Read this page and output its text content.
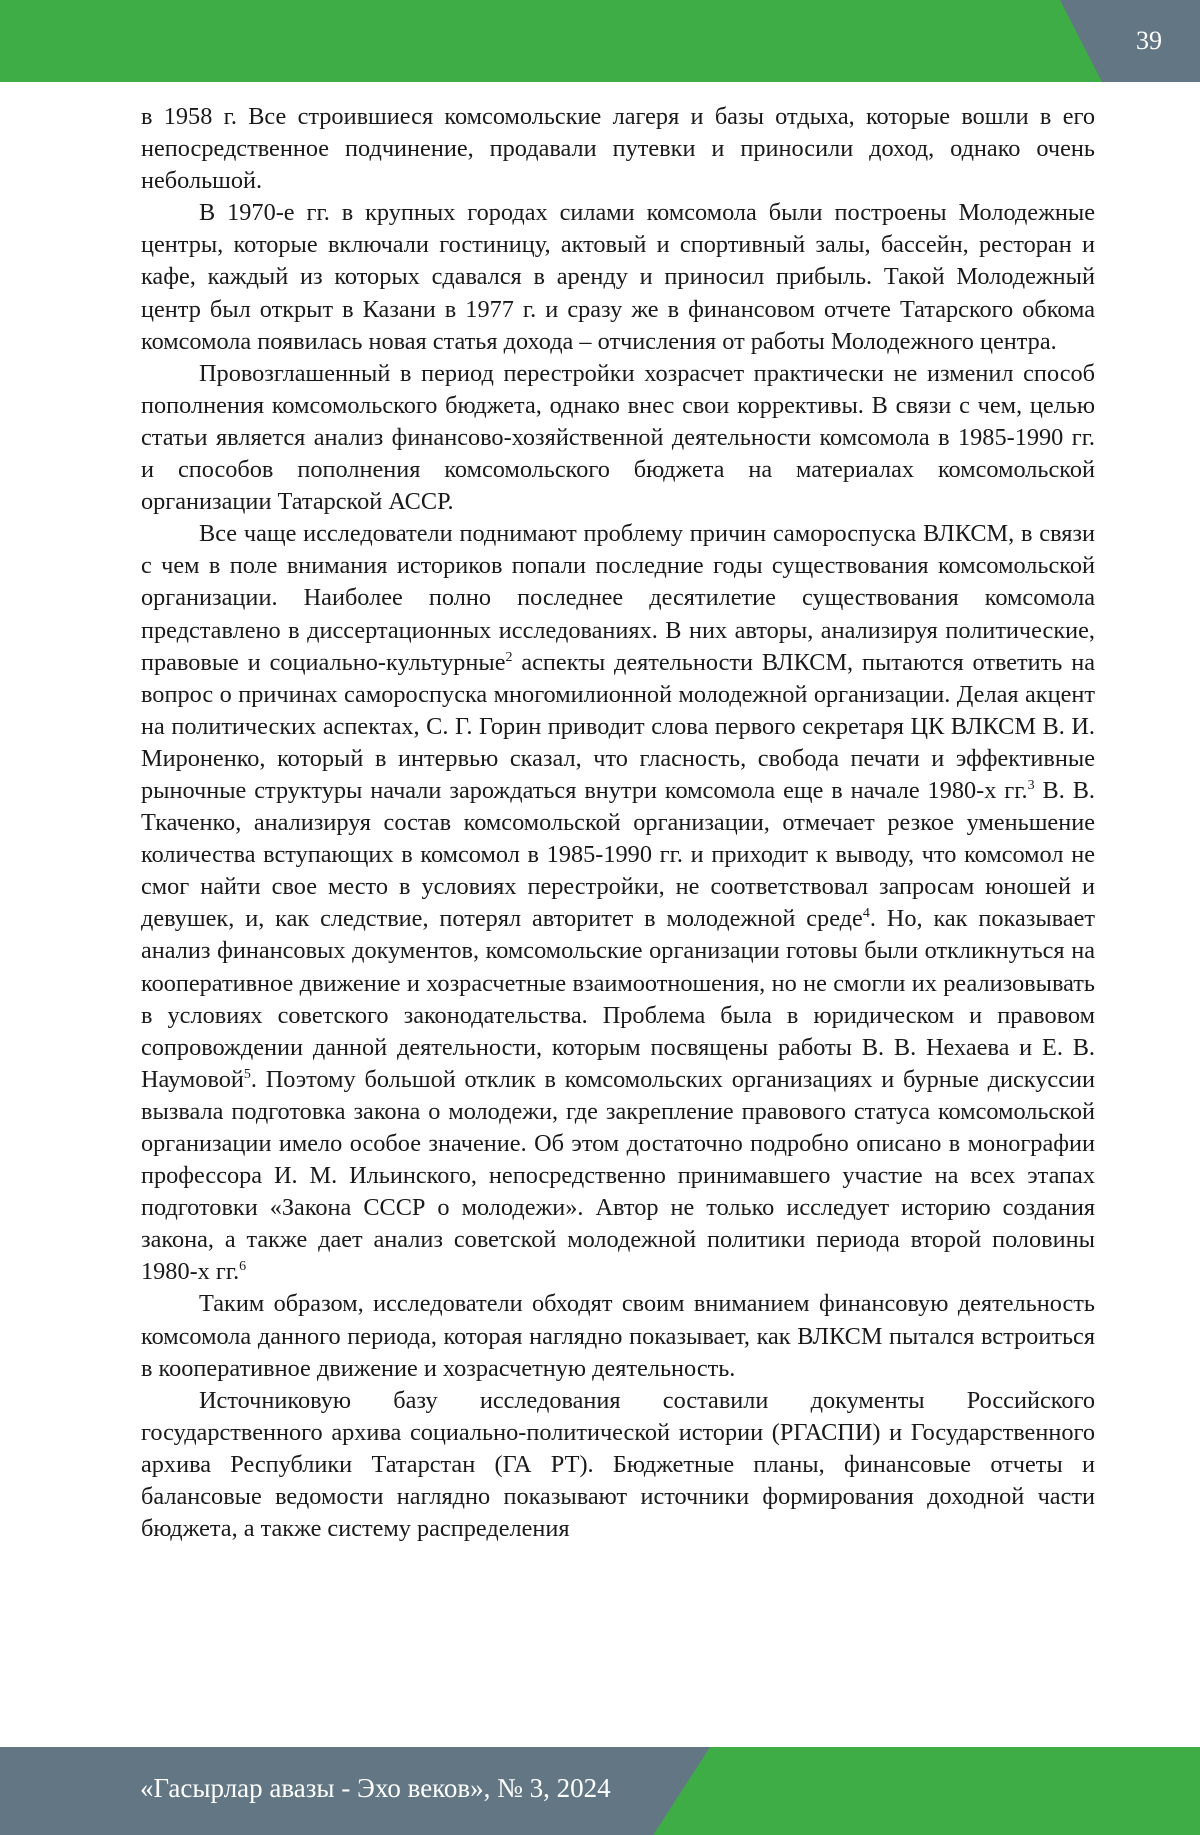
39

в 1958 г. Все строившиеся комсомольские лагеря и базы отдыха, которые вошли в его непосредственное подчинение, продавали путевки и приносили доход, однако очень небольшой.

В 1970-е гг. в крупных городах силами комсомола были построены Молодежные центры, которые включали гостиницу, актовый и спортивный залы, бассейн, ресторан и кафе, каждый из которых сдавался в аренду и прино­сил прибыль. Такой Молодежный центр был открыт в Казани в 1977 г. и сразу же в финансовом отчете Татарского обкома комсомола появилась новая статья дохода – отчисления от работы Молодежного центра.

Провозглашенный в период перестройки хозрасчет практически не изменил способ пополнения комсомольского бюджета, однако внес свои коррективы. В связи с чем, целью статьи является анализ финансово-хозяйственной деятель­ности комсомола в 1985-1990 гг. и способов пополнения комсомольского бюдже­та на материалах комсомольской организации Татарской АССР.

Все чаще исследователи поднимают проблему причин самороспуска ВЛКСМ, в связи с чем в поле внимания историков попали последние годы суще­ствования комсомольской организации. Наиболее полно последнее десятилетие существования комсомола представлено в диссертационных исследованиях. В них авторы, анализируя политические, правовые и социально-культурные2 аспекты деятельности ВЛКСМ, пытаются ответить на вопрос о причинах само­роспуска многомилионной молодежной организации. Делая акцент на поли­тических аспектах, С. Г. Горин приводит слова первого секретаря ЦК ВЛКСМ В. И. Мироненко, который в интервью сказал, что гласность, свобода печати и эффективные рыночные структуры начали зарождаться внутри комсомола еще в начале 1980-х гг.3 В. В. Ткаченко, анализируя состав комсомольской организа­ции, отмечает резкое уменьшение количества вступающих в комсомол в 1985-1990 гг. и приходит к выводу, что комсомол не смог найти свое место в условиях перестройки, не соответствовал запросам юношей и девушек, и, как следствие, потерял авторитет в молодежной среде4. Но, как показывает анализ финан­совых документов, комсомольские организации готовы были откликнуться на кооперативное движение и хозрасчетные взаимоотношения, но не смогли их реализовывать в условиях советского законодательства. Проблема была в юридическом и правовом сопровождении данной деятельности, которым посвящены работы В. В. Нехаева и Е. В. Наумовой5. Поэтому большой отклик в комсомольских организациях и бурные дискуссии вызвала подготовка закона о молодежи, где закрепление правового статуса комсомольской организации имело особое значение. Об этом достаточно подробно описано в монографии профессора И. М. Ильинского, непосредственно принимавшего участие на всех этапах подготовки «Закона СССР о молодежи». Автор не только исследует историю создания закона, а также дает анализ советской молодежной политики периода второй половины 1980-х гг.6

Таким образом, исследователи обходят своим вниманием финансовую деятельность комсомола данного периода, которая наглядно показывает, как ВЛКСМ пытался встроиться в кооперативное движение и хозрасчетную деятельность.

Источниковую базу исследования составили документы Российского государственного архива социально-политической истории (РГАСПИ) и Государственного архива Республики Татарстан (ГА РТ). Бюджетные планы, финансовые отчеты и балансовые ведомости наглядно показывают источни­ки формирования доходной части бюджета, а также систему распределения

«Гасырлар авазы - Эхо веков», № 3, 2024
